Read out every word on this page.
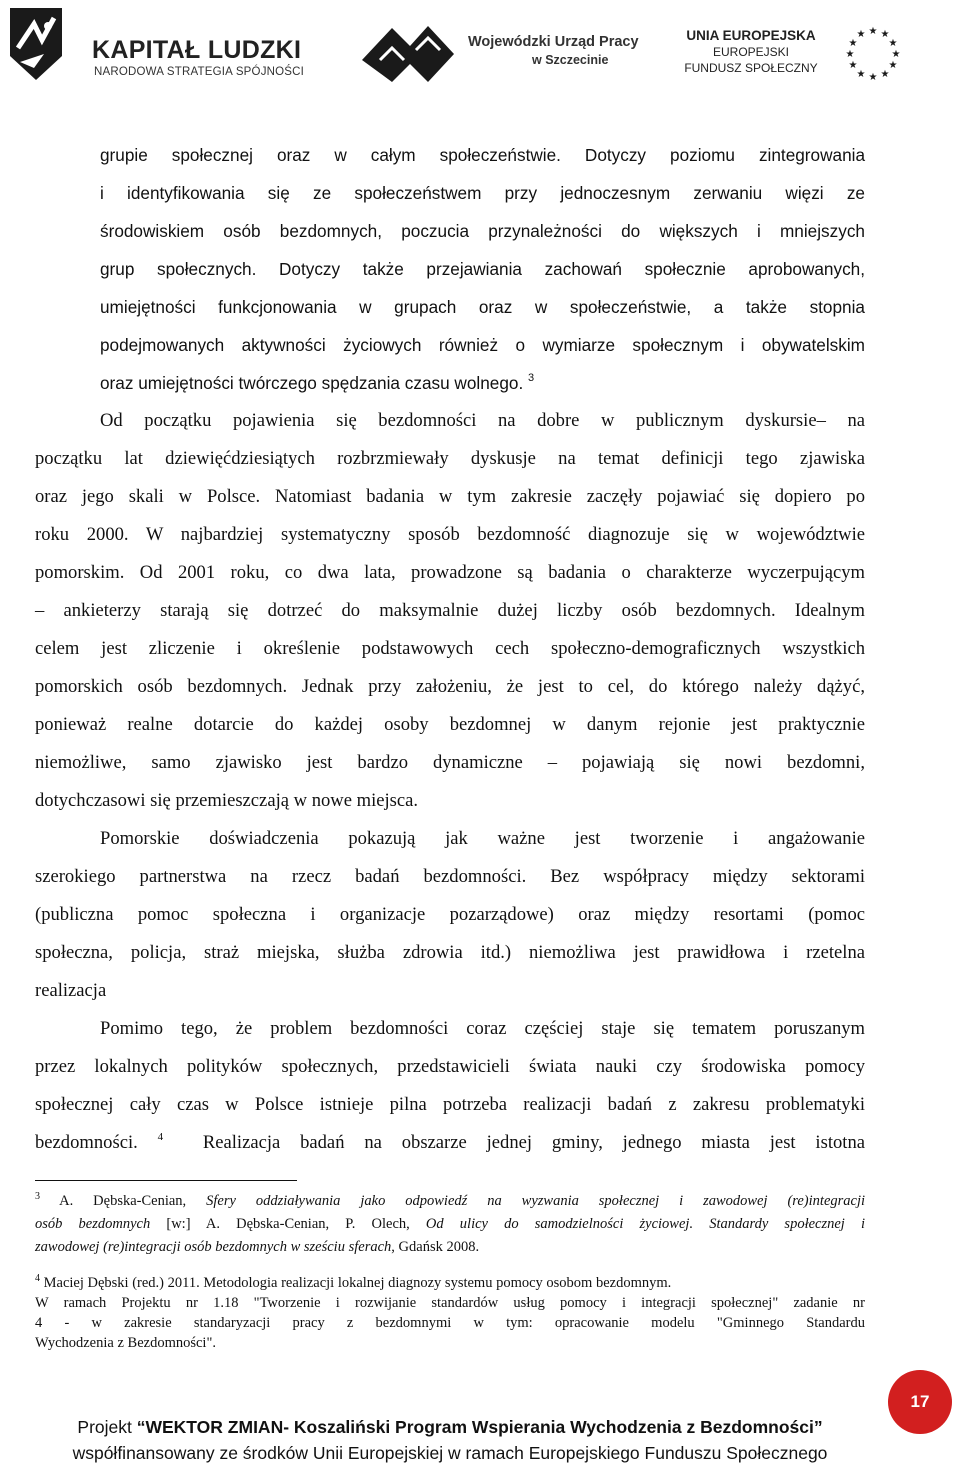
KAPITAŁ LUDZKI
NARODOWA STRATEGIA SPÓJNOŚCI
Wojewódzki Urząd Pracy
w Szczecinie
UNIA EUROPEJSKA
EUROPEJSKI
FUNDUSZ SPOŁECZNY
★ ★
★
★
★
★
★
★
★
★
★
★
grupie społecznej oraz w całym społeczeństwie. Dotyczy poziomu zintegrowania
i identyfikowania się ze społeczeństwem przy jednoczesnym zerwaniu więzi ze
środowiskiem osób bezdomnych, poczucia przynależności do większych i mniejszych
grup społecznych. Dotyczy także przejawiania zachowań społecznie aprobowanych,
umiejętności funkcjonowania w grupach oraz w społeczeństwie, a także stopnia
podejmowanych aktywności życiowych również o wymiarze społecznym i obywatelskim
oraz umiejętności twórczego spędzania czasu wolnego. $^3$
Od początku pojawienia się bezdomności na dobre w publicznym dyskursie– na
początku lat dziewięćdziesiątych rozbrzmiewały dyskusje na temat definicji tego zjawiska
oraz jego skali w Polsce. Natomiast badania w tym zakresie zaczęły pojawiać się dopiero po
roku 2000. W najbardziej systematyczny sposób bezdomność diagnozuje się w województwie
pomorskim. Od 2001 roku, co dwa lata, prowadzone są badania o charakterze wyczerpującym
– ankieterzy starają się dotrzeć do maksymalnie dużej liczby osób bezdomnych. Idealnym
celem jest zliczenie i określenie podstawowych cech społeczno-demograficznych wszystkich
pomorskich osób bezdomnych. Jednak przy założeniu, że jest to cel, do którego należy dążyć,
ponieważ realne dotarcie do każdej osoby bezdomnej w danym rejonie jest praktycznie
niemożliwe, samo zjawisko jest bardzo dynamiczne – pojawiają się nowi bezdomni,
dotychczasowi się przemieszczają w nowe miejsca.
Pomorskie doświadczenia pokazują jak ważne jest tworzenie i angażowanie
szerokiego partnerstwa na rzecz badań bezdomności. Bez współpracy między sektorami
(publiczna pomoc społeczna i organizacje pozarządowe) oraz między resortami (pomoc
społeczna, policja, straż miejska, służba zdrowia itd.) niemożliwa jest prawidłowa i rzetelna
realizacja
Pomimo tego, że problem bezdomności coraz częściej staje się tematem poruszanym
przez lokalnych polityków społecznych, przedstawicieli świata nauki czy środowiska pomocy
społecznej cały czas w Polsce istnieje pilna potrzeba realizacji badań z zakresu problematyki
bezdomności. $^4$ Realizacja badań na obszarze jednej gminy, jednego miasta jest istotna
$^3$ A. Dębska-Cenian, Sfery oddziaływania jako odpowiedź na wyzwania społecznej i zawodowej (re)integracji
osób bezdomnych [w:] A. Dębska-Cenian, P. Olech, Od ulicy do samodzielności życiowej. Standardy społecznej i
zawodowej (re)integracji osób bezdomnych w sześciu sferach, Gdańsk 2008.
$^4$ Maciej Dębski (red.) 2011. Metodologia realizacji lokalnej diagnozy systemu pomocy osobom bezdomnym.
W ramach Projektu nr 1.18 "Tworzenie i rozwijanie standardów usług pomocy i integracji społecznej" zadanie nr
4 - w zakresie standaryzacji pracy z bezdomnymi w tym: opracowanie modelu "Gminnego Standardu
Wychodzenia z Bezdomności".
17
Projekt “WEKTOR ZMIAN- Koszaliński Program Wspierania Wychodzenia z Bezdomności”
współfinansowany ze środków Unii Europejskiej w ramach Europejskiego Funduszu Społecznego
